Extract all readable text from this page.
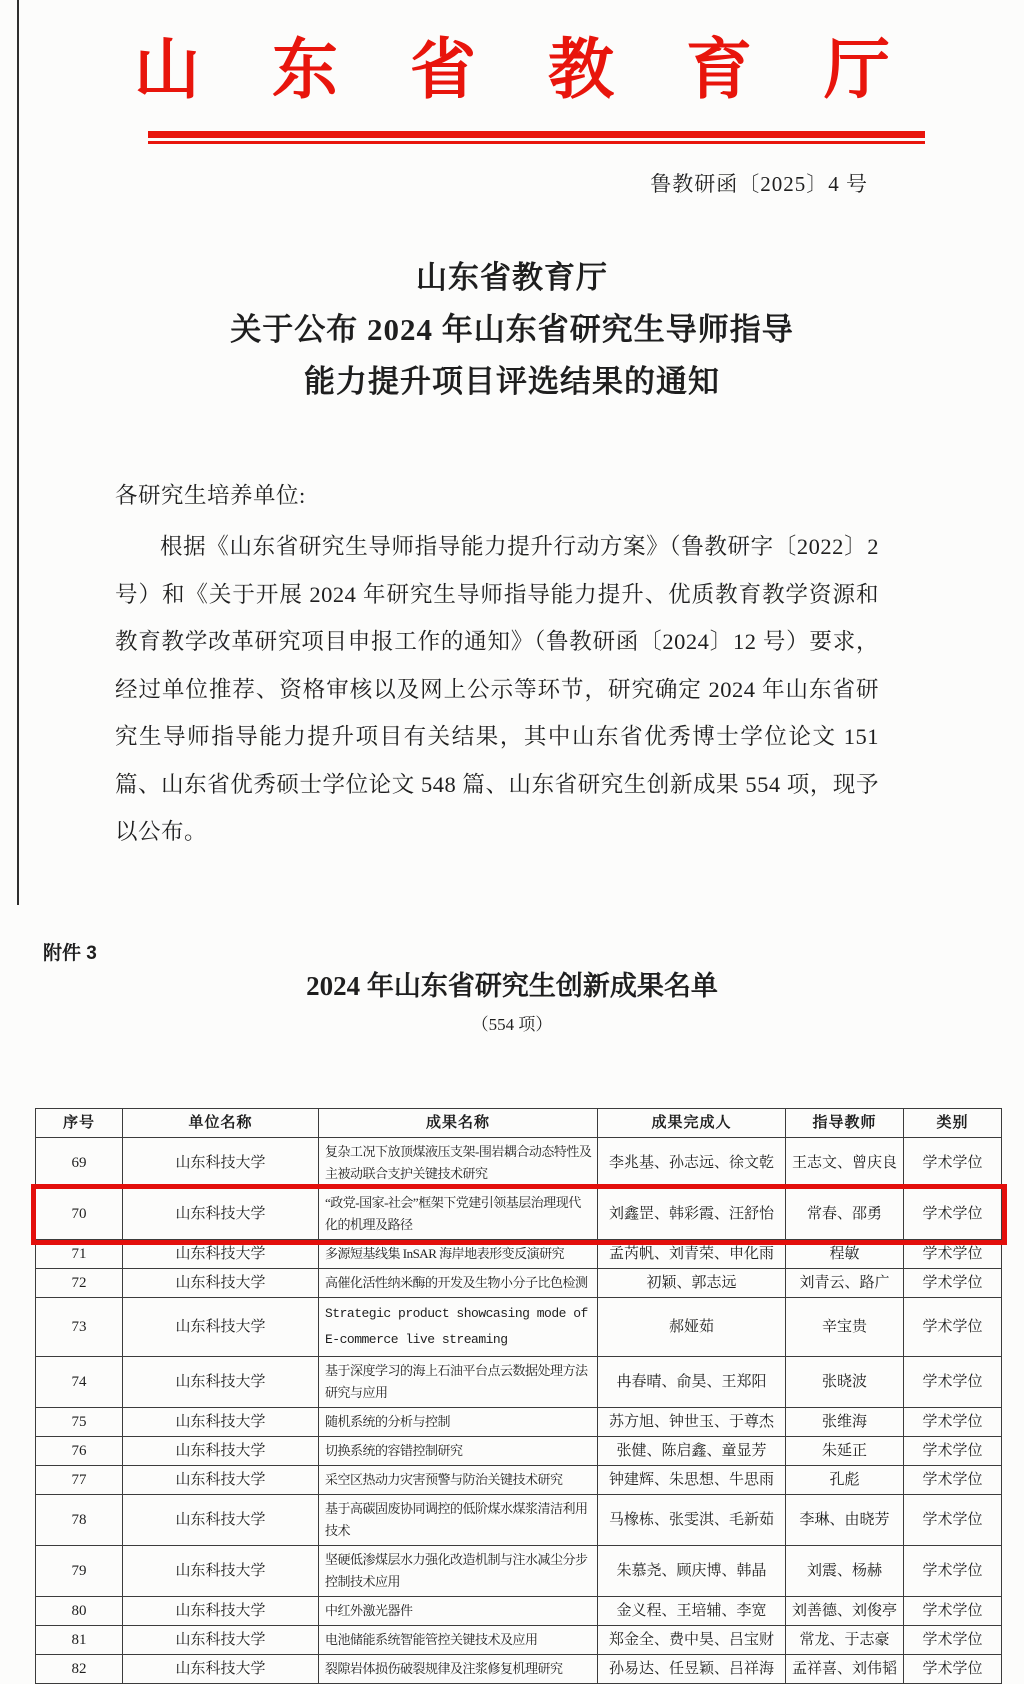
山东省教育厅
鲁教研函〔2025〕4 号
山东省教育厅
关于公布 2024 年山东省研究生导师指导
能力提升项目评选结果的通知
各研究生培养单位:
根据《山东省研究生导师指导能力提升行动方案》（鲁教研字〔2022〕2 号）和《关于开展 2024 年研究生导师指导能力提升、优质教育教学资源和教育教学改革研究项目申报工作的通知》（鲁教研函〔2024〕12 号）要求，经过单位推荐、资格审核以及网上公示等环节，研究确定 2024 年山东省研究生导师指导能力提升项目有关结果，其中山东省优秀博士学位论文 151 篇、山东省优秀硕士学位论文 548 篇、山东省研究生创新成果 554 项，现予以公布。
附件 3
2024 年山东省研究生创新成果名单
（554 项）
序号	单位名称	成果名称	成果完成人	指导教师	类别
69	山东科技大学	复杂工况下放顶煤液压支架-围岩耦合动态特性及主被动联合支护关键技术研究	李兆基、孙志远、徐文乾	王志文、曾庆良	学术学位
70	山东科技大学	“政党-国家-社会”框架下党建引领基层治理现代化的机理及路径	刘鑫罡、韩彩霞、汪舒怡	常春、邵勇	学术学位
71	山东科技大学	多源短基线集 InSAR 海岸地表形变反演研究	孟芮帆、刘青荣、申化雨	程敏	学术学位
72	山东科技大学	高催化活性纳米酶的开发及生物小分子比色检测	初颖、郭志远	刘青云、路广	学术学位
73	山东科技大学	Strategic product showcasing mode of E-commerce live streaming	郝娅茹	辛宝贵	学术学位
74	山东科技大学	基于深度学习的海上石油平台点云数据处理方法研究与应用	冉春晴、俞昊、王郑阳	张晓波	学术学位
75	山东科技大学	随机系统的分析与控制	苏方旭、钟世玉、于尊杰	张维海	学术学位
76	山东科技大学	切换系统的容错控制研究	张健、陈启鑫、童显芳	朱延正	学术学位
77	山东科技大学	采空区热动力灾害预警与防治关键技术研究	钟建辉、朱思想、牛思雨	孔彪	学术学位
78	山东科技大学	基于高碳固废协同调控的低阶煤水煤浆清洁利用技术	马橡栋、张雯淇、毛新茹	李琳、由晓芳	学术学位
79	山东科技大学	坚硬低渗煤层水力强化改造机制与注水减尘分步控制技术应用	朱慕尧、顾庆博、韩晶	刘震、杨赫	学术学位
80	山东科技大学	中红外激光器件	金义程、王培辅、李宽	刘善德、刘俊亭	学术学位
81	山东科技大学	电池储能系统智能管控关键技术及应用	郑金全、费中昊、吕宝财	常龙、于志豪	学术学位
82	山东科技大学	裂隙岩体损伤破裂规律及注浆修复机理研究	孙易达、任昱颖、吕祥海	孟祥喜、刘伟韬	学术学位
